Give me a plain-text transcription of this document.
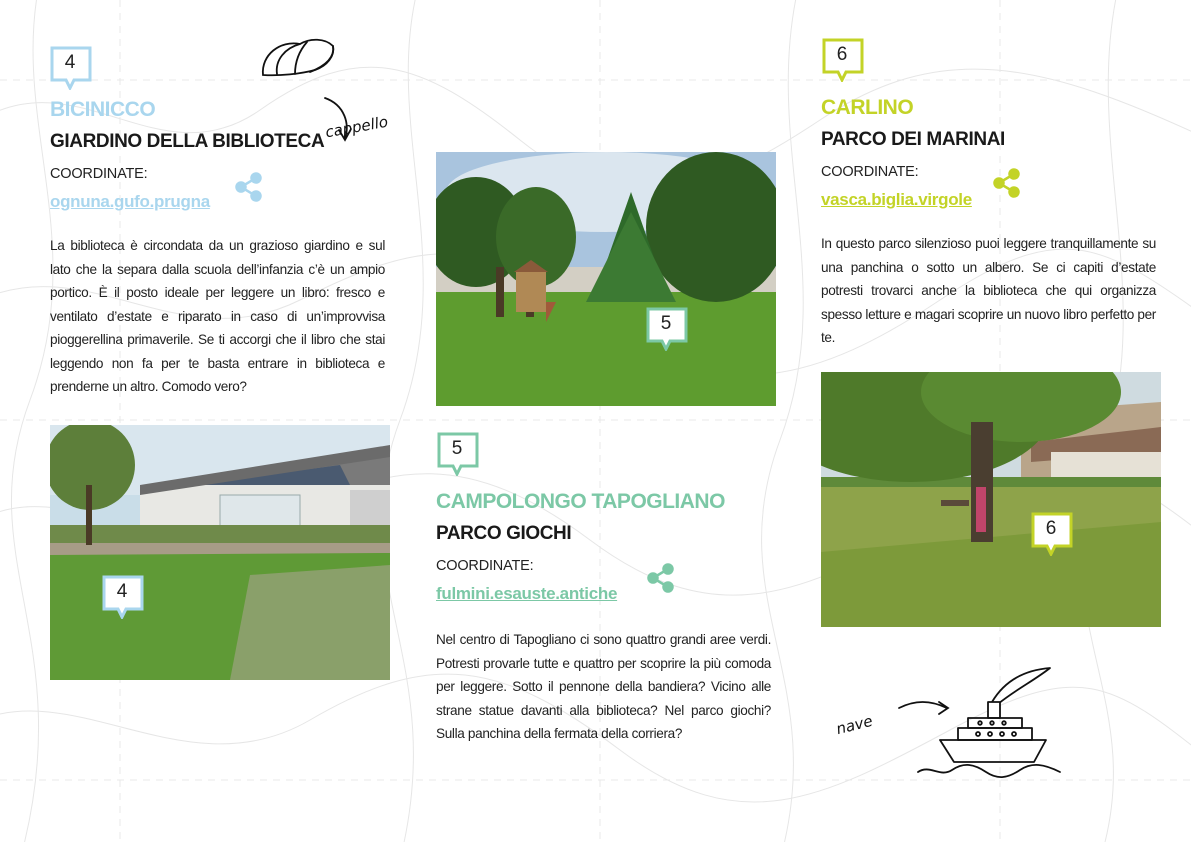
4
cappello
BICINICCO
GIARDINO DELLA BIBLIOTECA
COORDINATE:
ognuna.gufo.prugna
La biblioteca è circondata da un grazioso giardino e sul lato che la separa dalla scuola dell’infanzia c’è un ampio portico. È il posto ideale per leggere un libro: fresco e ventilato d’estate e riparato in caso di un’improvvisa pioggerellina primaverile. Se ti accorgi che il libro che stai leggendo non fa per te basta entrare in biblioteca e prenderne un altro. Comodo vero?
4
5
5
CAMPOLONGO TAPOGLIANO
PARCO GIOCHI
COORDINATE:
fulmini.esauste.antiche
Nel centro di Tapogliano ci sono quattro grandi aree verdi. Potresti provarle tutte e quattro per scoprire la più comoda per leggere. Sotto il pennone della bandiera? Vicino alle strane statue davanti alla biblioteca? Nel parco giochi? Sulla panchina della fermata della corriera?
6
CARLINO
PARCO DEI MARINAI
COORDINATE:
vasca.biglia.virgole
In questo parco silenzioso puoi leggere tranquillamente su una panchina o sotto un albero. Se ci capiti d’estate potresti trovarci anche la biblioteca che qui organizza spesso letture e magari scoprire un nuovo libro perfetto per te.
6
nave
